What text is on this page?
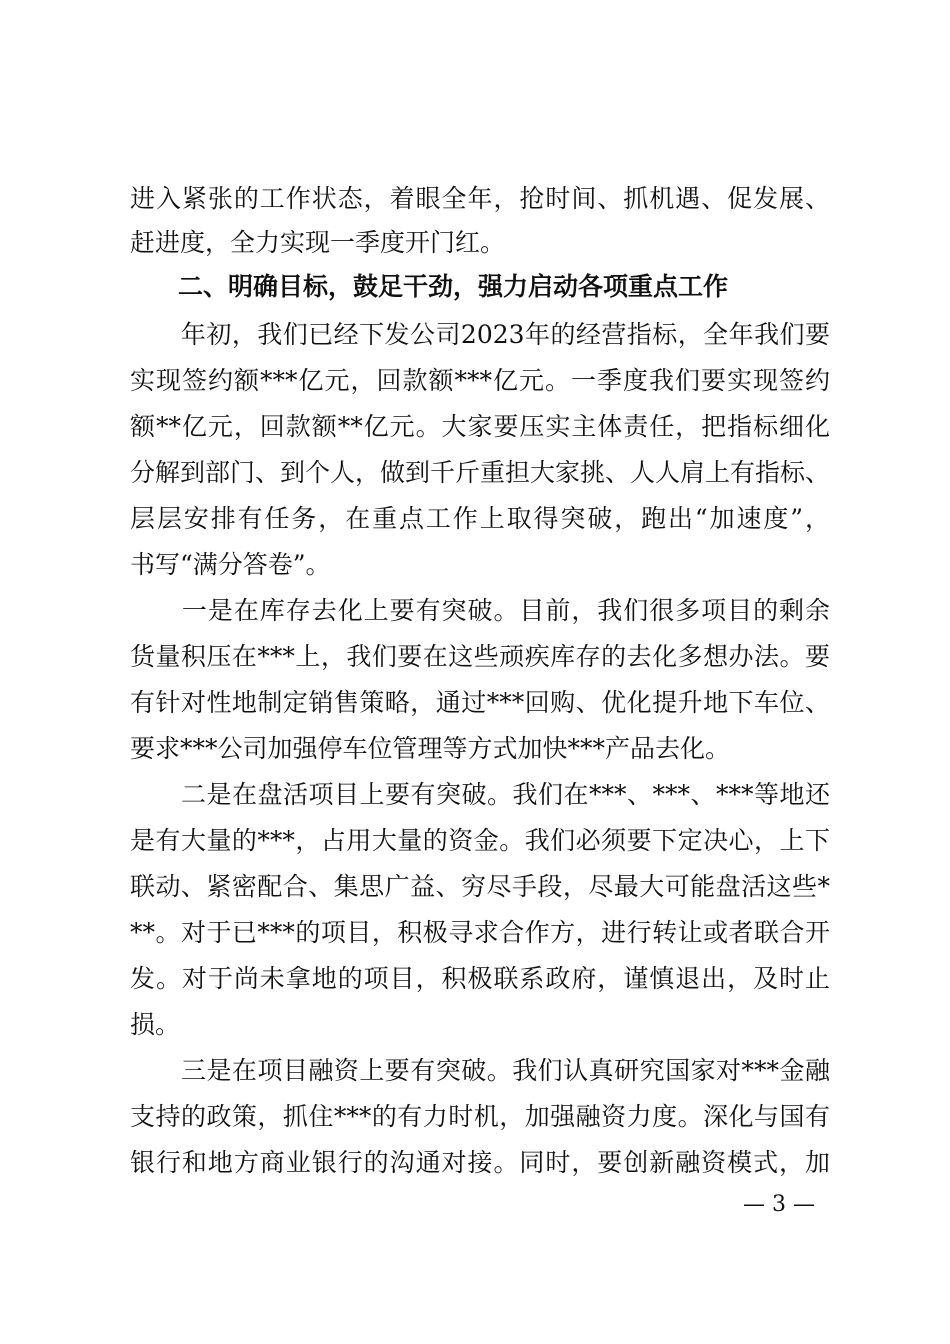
进入紧张的工作状态，着眼全年，抢时间、抓机遇、促发展、
赶进度，全力实现一季度开门红。
二、明确目标，鼓足干劲，强力启动各项重点工作
　　年初，我们已经下发公司2023年的经营指标，全年我们要
实现签约额***亿元，回款额***亿元。一季度我们要实现签约
额**亿元，回款额**亿元。大家要压实主体责任，把指标细化
分解到部门、到个人，做到千斤重担大家挑、人人肩上有指标、
层层安排有任务，在重点工作上取得突破，跑出“加速度”，
书写“满分答卷”。
　　一是在库存去化上要有突破。目前，我们很多项目的剩余
货量积压在***上，我们要在这些顽疾库存的去化多想办法。要
有针对性地制定销售策略，通过***回购、优化提升地下车位、
要求***公司加强停车位管理等方式加快***产品去化。
　　二是在盘活项目上要有突破。我们在***、***、***等地还
是有大量的***，占用大量的资金。我们必须要下定决心，上下
联动、紧密配合、集思广益、穷尽手段，尽最大可能盘活这些*
**。对于已***的项目，积极寻求合作方，进行转让或者联合开
发。对于尚未拿地的项目，积极联系政府，谨慎退出，及时止
损。
　　三是在项目融资上要有突破。我们认真研究国家对***金融
支持的政策，抓住***的有力时机，加强融资力度。深化与国有
银行和地方商业银行的沟通对接。同时，要创新融资模式，加
— 3 —
